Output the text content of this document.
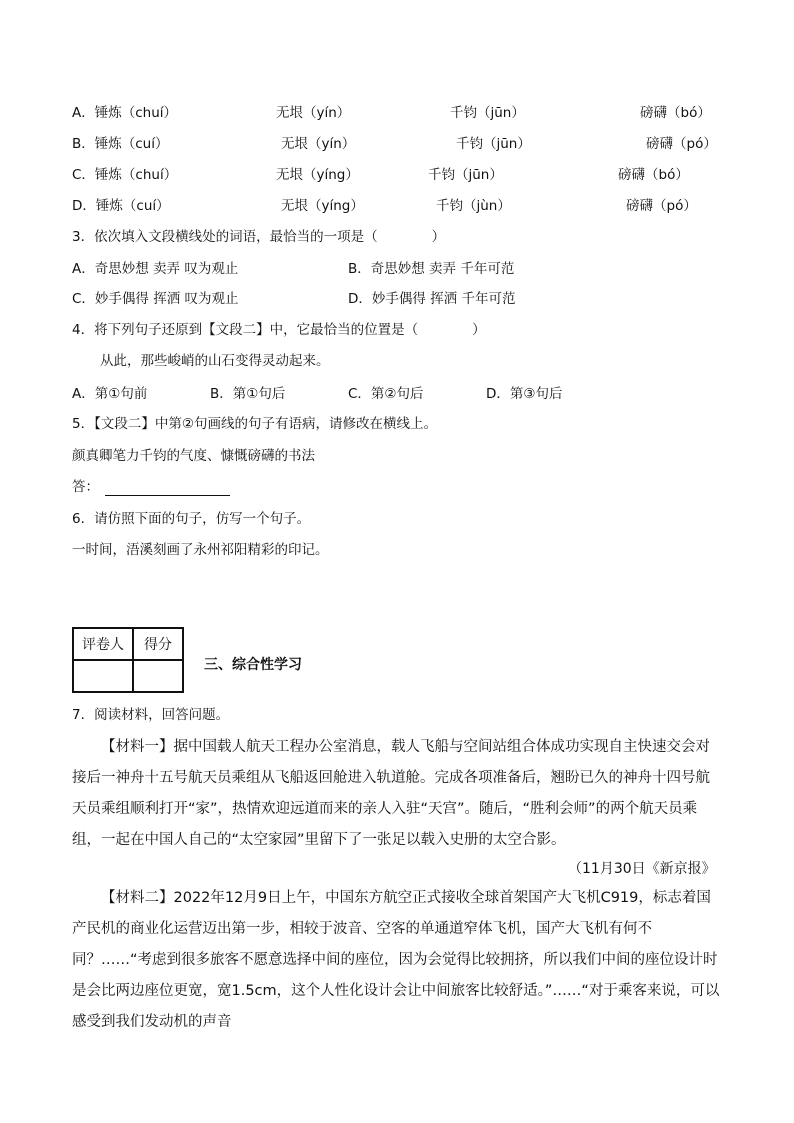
A．锤炼（chuí）	无垠（yín）	千钧（jūn）	磅礴（bó）
B．锤炼（cuí）	无垠（yín）	千钧（jūn）	磅礴（pó）
C．锤炼（chuí）	无垠（yíng）	千钧（jūn）	磅礴（bó）
D．锤炼（cuí）	无垠（yíng）	千钧（jùn）	磅礴（pó）
3．依次填入文段横线处的词语，最恰当的一项是（　　　　）
A．奇思妙想 卖弄 叹为观止	B．奇思妙想 卖弄 千年可范
C．妙手偶得 挥洒 叹为观止	D．妙手偶得 挥洒 千年可范
4．将下列句子还原到【文段二】中，它最恰当的位置是（　　　　）
从此，那些峻峭的山石变得灵动起来。
A．第①句前	B．第①句后	C．第②句后	D．第③句后
5．【文段二】中第②句画线的句子有语病，请修改在横线上。
颜真卿笔力千钧的气度、慷慨磅礴的书法
答：
6．请仿照下面的句子，仿写一个句子。
一时间，浯溪刻画了永州祁阳精彩的印记。
评卷人	得分

三、综合性学习
7．阅读材料，回答问题。
【材料一】据中国载人航天工程办公室消息，载人飞船与空间站组合体成功实现自主快速交会对接后一神舟十五号航天员乘组从飞船返回舱进入轨道舱。完成各项准备后，翘盼已久的神舟十四号航天员乘组顺利打开“家”，热情欢迎远道而来的亲人入驻“天宫”。随后，“胜利会师”的两个航天员乘组，一起在中国人自己的“太空家园”里留下了一张足以载入史册的太空合影。
（11月30日《新京报》
【材料二】2022年12月9日上午，中国东方航空正式接收全球首架国产大飞机C919，标志着国产民机的商业化运营迈出第一步，相较于波音、空客的单通道窄体飞机，国产大飞机有何不同？……“考虑到很多旅客不愿意选择中间的座位，因为会觉得比较拥挤，所以我们中间的座位设计时是会比两边座位更宽，宽1.5cm，这个人性化设计会让中间旅客比较舒适。”……“对于乘客来说，可以感受到我们发动机的声音
